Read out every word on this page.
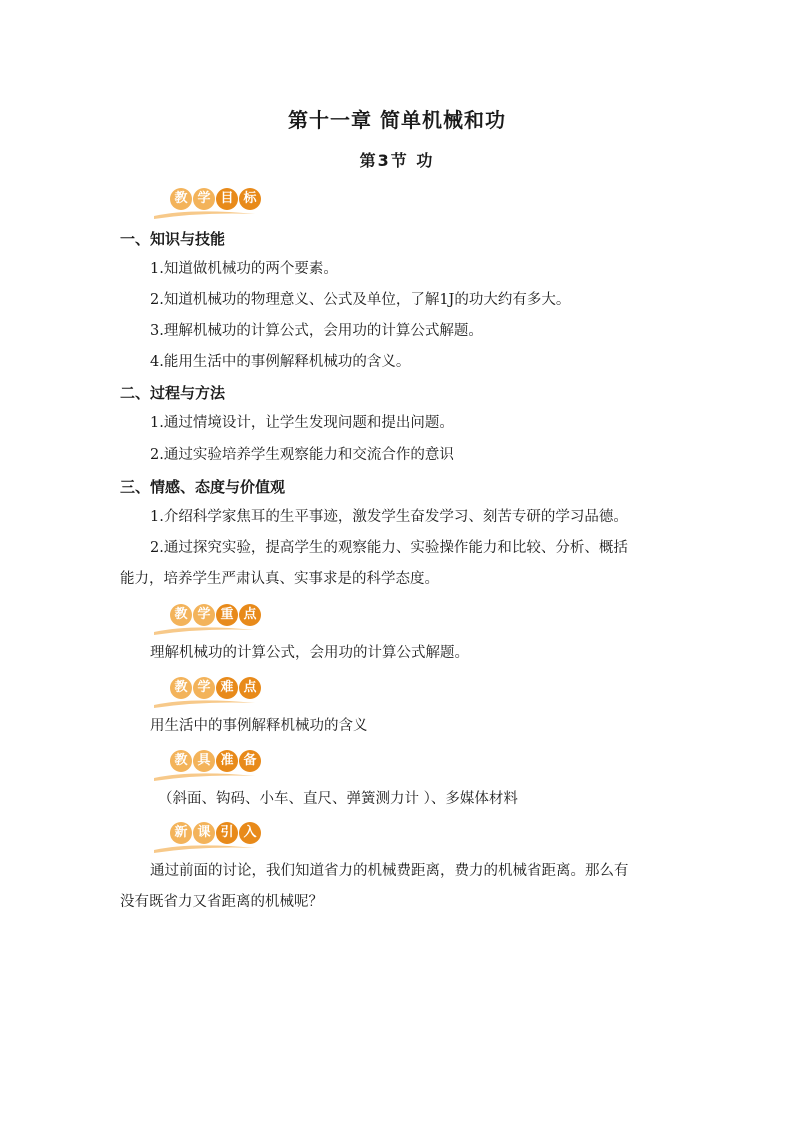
第十一章 简单机械和功
第3节 功
教 学 目 标
一、知识与技能
1.知道做机械功的两个要素。
2.知道机械功的物理意义、公式及单位，了解1J的功大约有多大。
3.理解机械功的计算公式，会用功的计算公式解题。
4.能用生活中的事例解释机械功的含义。
二、过程与方法
1.通过情境设计，让学生发现问题和提出问题。
2.通过实验培养学生观察能力和交流合作的意识
三、情感、态度与价值观
1.介绍科学家焦耳的生平事迹，激发学生奋发学习、刻苦专研的学习品德。
2.通过探究实验，提高学生的观察能力、实验操作能力和比较、分析、概括
能力，培养学生严肃认真、实事求是的科学态度。
教 学 重 点
理解机械功的计算公式，会用功的计算公式解题。
教 学 难 点
用生活中的事例解释机械功的含义
教 具 准 备
（斜面、钩码、小车、直尺、弹簧测力计 ）、多媒体材料
新 课 引 入
通过前面的讨论，我们知道省力的机械费距离，费力的机械省距离。那么有
没有既省力又省距离的机械呢？
